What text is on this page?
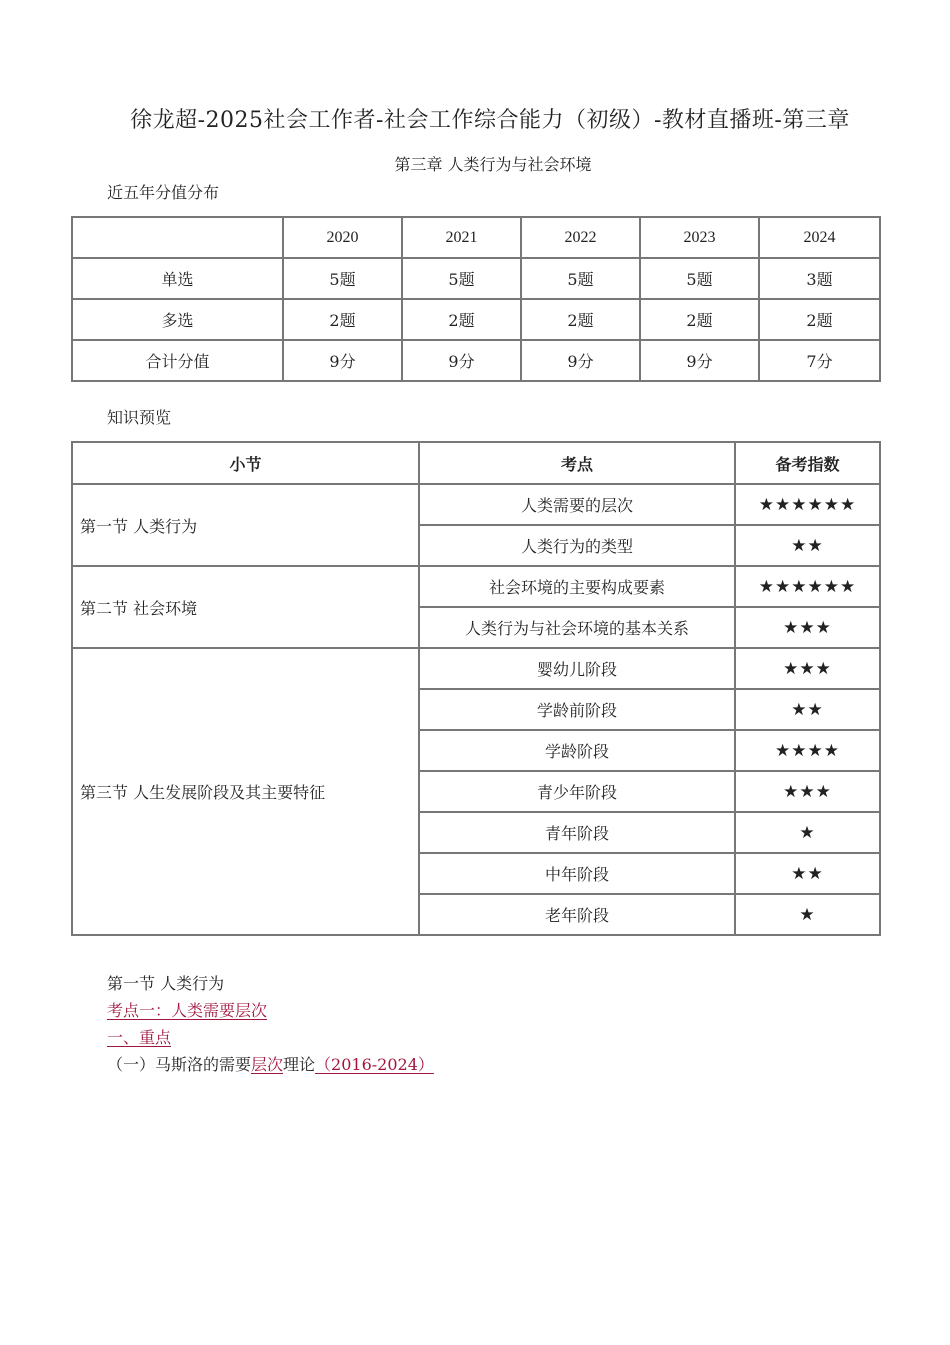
徐龙超-2025社会工作者-社会工作综合能力（初级）-教材直播班-第三章
第三章 人类行为与社会环境
近五年分值分布
	2020	2021	2022	2023	2024
单选	5题	5题	5题	5题	3题
多选	2题	2题	2题	2题	2题
合计分值	9分	9分	9分	9分	7分
知识预览
小节	考点	备考指数
第一节 人类行为	人类需要的层次	★★★★★★
	人类行为的类型	★★
第二节 社会环境	社会环境的主要构成要素	★★★★★★
	人类行为与社会环境的基本关系	★★★
第三节 人生发展阶段及其主要特征	婴幼儿阶段	★★★
	学龄前阶段	★★
	学龄阶段	★★★★
	青少年阶段	★★★
	青年阶段	★
	中年阶段	★★
	老年阶段	★
第一节 人类行为
考点一：人类需要层次
一、重点
（一）马斯洛的需要层次理论（2016-2024）
